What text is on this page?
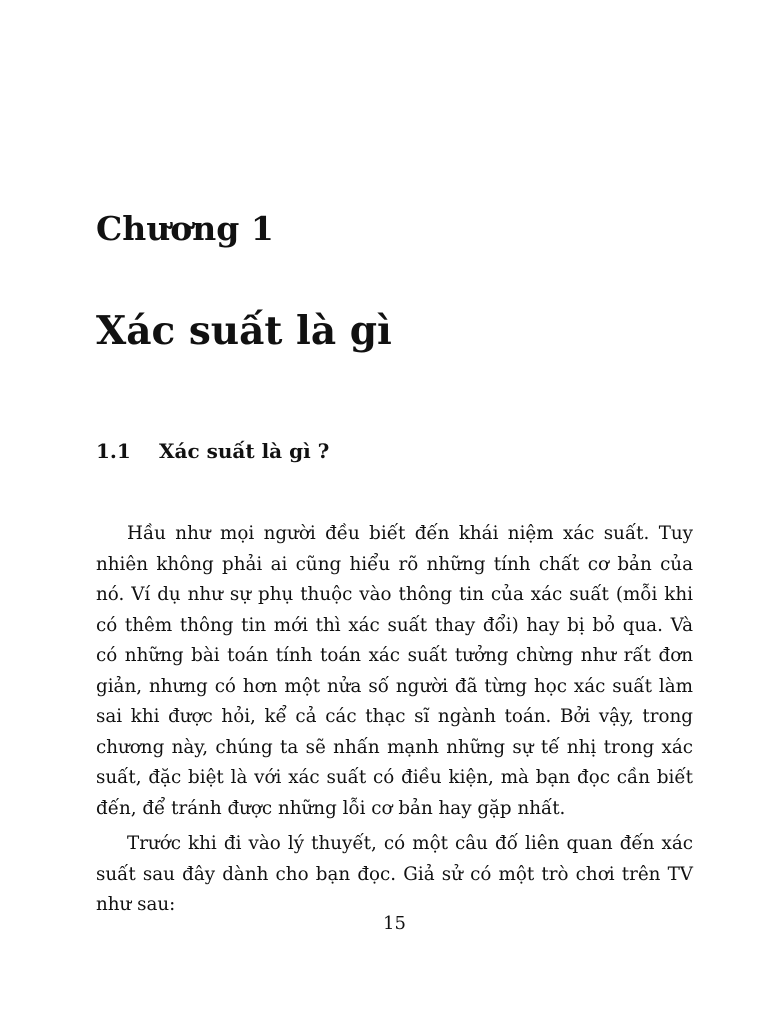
Chương 1
Xác suất là gì
1.1 Xác suất là gì ?

Hầu như mọi người đều biết đến khái niệm xác suất. Tuy nhiên không phải ai cũng hiểu rõ những tính chất cơ bản của nó. Ví dụ như sự phụ thuộc vào thông tin của xác suất (mỗi khi có thêm thông tin mới thì xác suất thay đổi) hay bị bỏ qua. Và có những bài toán tính toán xác suất tưởng chừng như rất đơn giản, nhưng có hơn một nửa số người đã từng học xác suất làm sai khi được hỏi, kể cả các thạc sĩ ngành toán. Bởi vậy, trong chương này, chúng ta sẽ nhấn mạnh những sự tế nhị trong xác suất, đặc biệt là với xác suất có điều kiện, mà bạn đọc cần biết đến, để tránh được những lỗi cơ bản hay gặp nhất.

Trước khi đi vào lý thuyết, có một câu đố liên quan đến xác suất sau đây dành cho bạn đọc. Giả sử có một trò chơi trên TV như sau:

15
